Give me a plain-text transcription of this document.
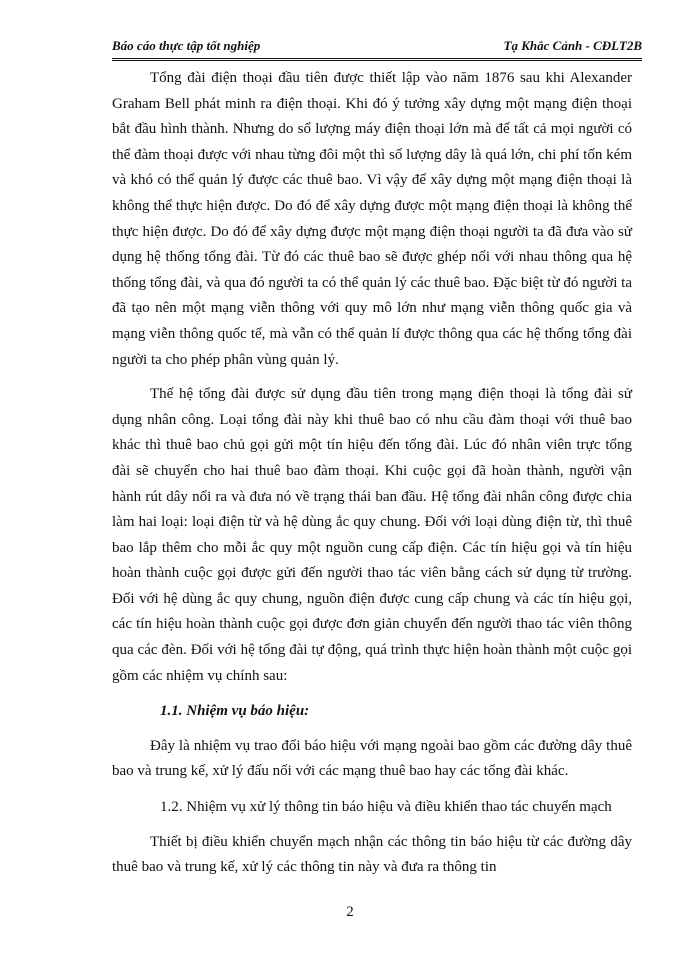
Báo cáo thực tập tốt nghiệp	Tạ Khắc Cảnh - CĐLT2B

Tổng đài điện thoại đầu tiên được thiết lập vào năm 1876 sau khi Alexander Graham Bell phát minh ra điện thoại. Khi đó ý tưởng xây dựng một mạng điện thoại bắt đầu hình thành. Nhưng do số lượng máy điện thoại lớn mà để tất cả mọi người có thể đàm thoại được với nhau từng đôi một thì số lượng dây là quá lớn, chi phí tốn kém và khó có thể quản lý được các thuê bao. Vì vậy để xây dựng một mạng điện thoại là không thể thực hiện được. Do đó để xây dựng được một mạng điện thoại là không thể thực hiện được. Do đó để xây dựng được một mạng điện thoại người ta đã đưa vào sử dụng hệ thống tổng đài. Từ đó các thuê bao sẽ được ghép nối với nhau thông qua hệ thống tổng đài, và qua đó người ta có thể quản lý các thuê bao. Đặc biệt từ đó người ta đã tạo nên một mạng viễn thông với quy mô lớn như mạng viễn thông quốc gia và mạng viễn thông quốc tế, mà vẫn có thể quản lí được thông qua các hệ thống tổng đài người ta cho phép phân vùng quản lý.

Thế hệ tổng đài được sử dụng đầu tiên trong mạng điện thoại là tổng đài sử dụng nhân công. Loại tổng đài này khi thuê bao có nhu cầu đàm thoại với thuê bao khác thì thuê bao chủ gọi gửi một tín hiệu đến tổng đài. Lúc đó nhân viên trực tổng đài sẽ chuyển cho hai thuê bao đàm thoại. Khi cuộc gọi đã hoàn thành, người vận hành rút dây nối ra và đưa nó về trạng thái ban đầu. Hệ tổng đài nhân công được chia làm hai loại: loại điện từ và hệ dùng ắc quy chung. Đối với loại dùng điện từ, thì thuê bao lắp thêm cho mỗi ắc quy một nguồn cung cấp điện. Các tín hiệu gọi và tín hiệu hoàn thành cuộc gọi được gửi đến người thao tác viên bằng cách sử dụng từ trường. Đối với hệ dùng ắc quy chung, nguồn điện được cung cấp chung và các tín hiệu gọi, các tín hiệu hoàn thành cuộc gọi được đơn giản chuyển đến người thao tác viên thông qua các đèn. Đối với hệ tổng đài tự động, quá trình thực hiện hoàn thành một cuộc gọi gồm các nhiệm vụ chính sau:

1.1. Nhiệm vụ báo hiệu:

Đây là nhiệm vụ trao đổi báo hiệu với mạng ngoài bao gồm các đường dây thuê bao và trung kế, xử lý đấu nối với các mạng thuê bao hay các tổng đài khác.

1.2. Nhiệm vụ xử lý thông tin báo hiệu và điều khiển thao tác chuyển mạch

Thiết bị điều khiển chuyển mạch nhận các thông tin báo hiệu từ các đường dây thuê bao và trung kế, xử lý các thông tin này và đưa ra thông tin

2
